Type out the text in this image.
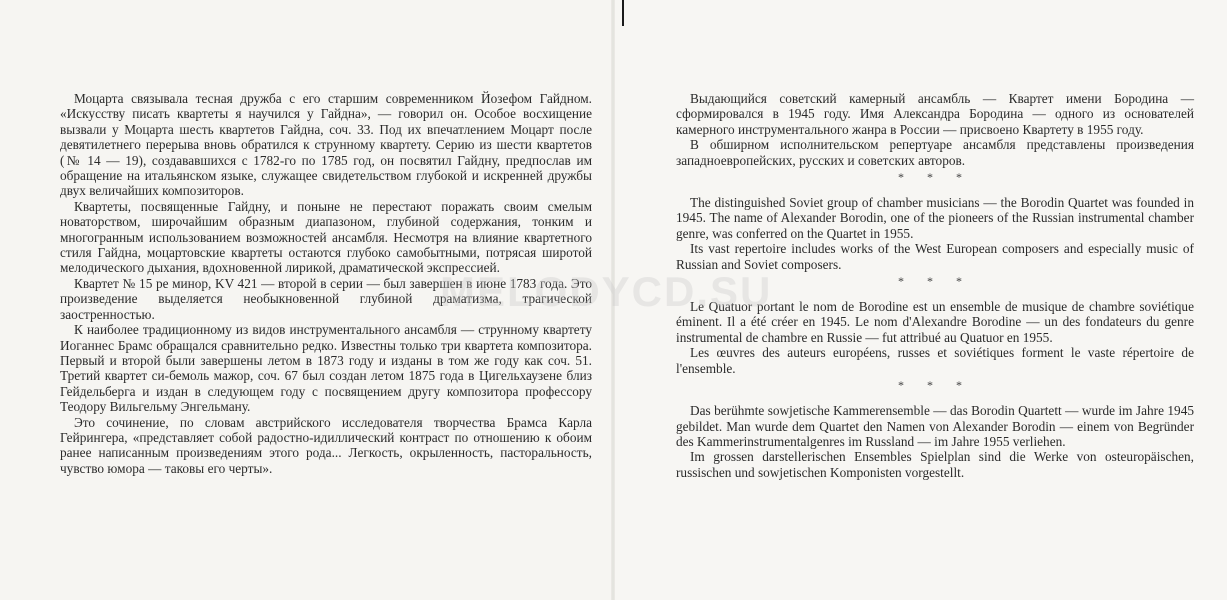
Моцарта связывала тесная дружба с его старшим современником Йозефом Гайдном. «Искусству писать квартеты я научился у Гайдна», — говорил он. Особое восхищение вызвали у Моцарта шесть квартетов Гайдна, соч. 33. Под их впечатлением Моцарт после девятилетнего перерыва вновь обратился к струнному квартету. Серию из шести квартетов (№ 14 — 19), создававшихся с 1782-го по 1785 год, он посвятил Гайдну, предпослав им обращение на итальянском языке, служащее свидетельством глубокой и искренней дружбы двух величайших композиторов.

Квартеты, посвященные Гайдну, и поныне не перестают поражать своим смелым новаторством, широчайшим образным диапазоном, глубиной содержания, тонким и многогранным использованием возможностей ансамбля. Несмотря на влияние квартетного стиля Гайдна, моцартовские квартеты остаются глубоко самобытными, потрясая широтой мелодического дыхания, вдохновенной лирикой, драматической экспрессией.

Квартет № 15 ре минор, KV 421 — второй в серии — был завершен в июне 1783 года. Это произведение выделяется необыкновенной глубиной драматизма, трагической заостренностью.

К наиболее традиционному из видов инструментального ансамбля — струнному квартету Иоганнес Брамс обращался сравнительно редко. Известны только три квартета композитора. Первый и второй были завершены летом в 1873 году и изданы в том же году как соч. 51. Третий квартет си-бемоль мажор, соч. 67 был создан летом 1875 года в Цигельхаузене близ Гейдельберга и издан в следующем году с посвящением другу композитора профессору Теодору Вильгельму Энгельману.

Это сочинение, по словам австрийского исследователя творчества Брамса Карла Гейрингера, «представляет собой радостно-идиллический контраст по отношению к обоим ранее написанным произведениям этого рода... Легкость, окрыленность, пасторальность, чувство юмора — таковы его черты».

Выдающийся советский камерный ансамбль — Квартет имени Бородина — сформировался в 1945 году. Имя Александра Бородина — одного из основателей камерного инструментального жанра в России — присвоено Квартету в 1955 году.

В обширном исполнительском репертуаре ансамбля представлены произведения западноевропейских, русских и советских авторов.

* * *

The distinguished Soviet group of chamber musicians — the Borodin Quartet was founded in 1945. The name of Alexander Borodin, one of the pioneers of the Russian instrumental chamber genre, was conferred on the Quartet in 1955.

Its vast repertoire includes works of the West European composers and especially music of Russian and Soviet composers.

* * *

Le Quatuor portant le nom de Borodine est un ensemble de musique de chambre soviétique éminent. Il a été créer en 1945. Le nom d'Alexandre Borodine — un des fondateurs du genre instrumental de chambre en Russie — fut attribué au Quatuor en 1955.

Les œuvres des auteurs européens, russes et soviétiques forment le vaste répertoire de l'ensemble.

* * *

Das berühmte sowjetische Kammerensemble — das Borodin Quartett — wurde im Jahre 1945 gebildet. Man wurde dem Quartet den Namen von Alexander Borodin — einem von Begründer des Kammerinstrumentalgenres im Russland — im Jahre 1955 verliehen.

Im grossen darstellerischen Ensembles Spielplan sind die Werke von osteuropäischen, russischen und sowjetischen Komponisten vorgestellt.

MELODYCD.SU
